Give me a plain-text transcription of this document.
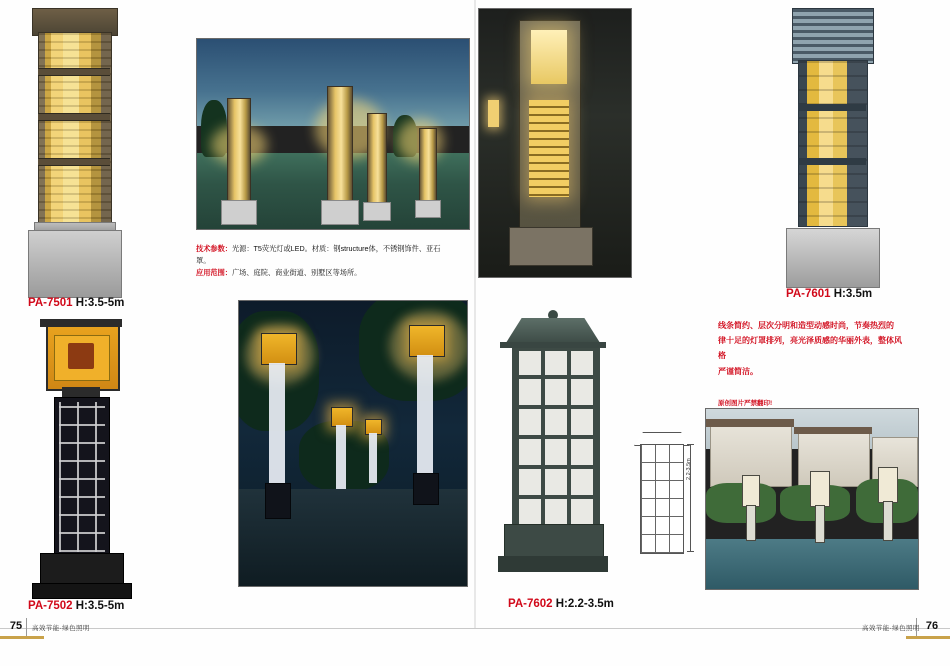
PA-7501 H:3.5-5m
PA-7502 H:3.5-5m
技术参数：光源：T5荧光灯或LED。材质：钢structure体，不锈钢饰件、亚石罩。
应用范围：广场、庭院、商业街道、别墅区等场所。
PA-7601 H:3.5m
线条简约、层次分明和造型动感时尚，节奏热烈的
律十足的灯罩排列，亮光泽质感的华丽外表，整体风格
严谨简洁。
PA-7602 H:2.2-3.5m
2.2-3.5m
原创图片严禁翻印!
75	高效节能·绿色照明	76
高效节能·绿色照明
